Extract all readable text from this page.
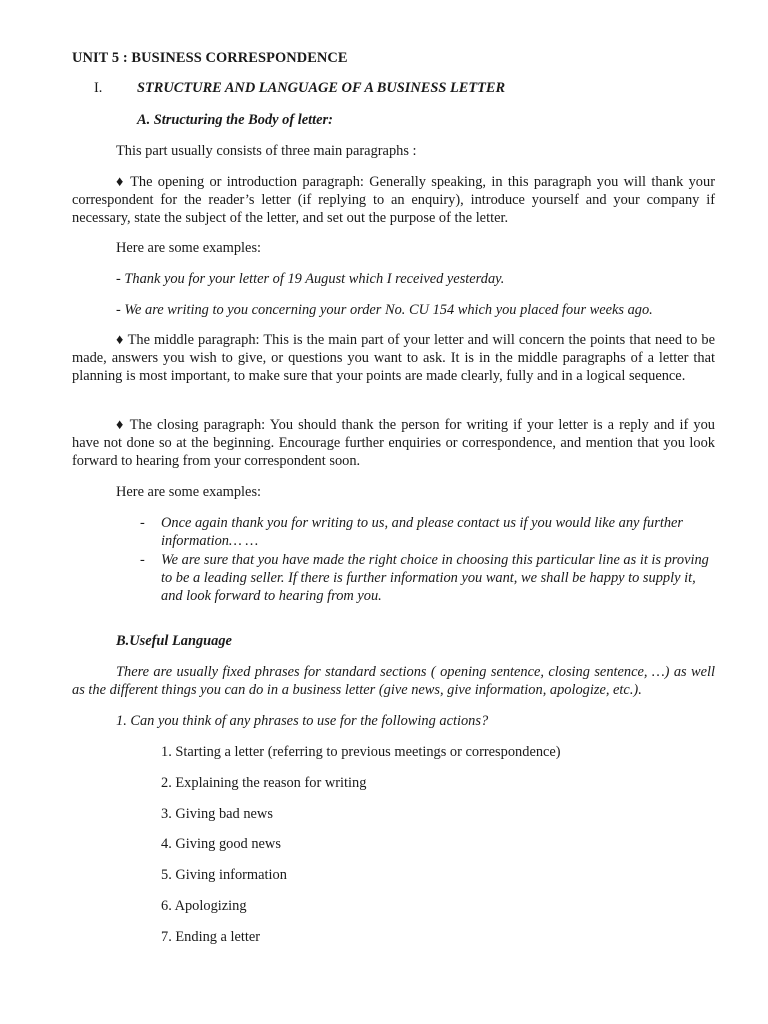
UNIT 5 : BUSINESS CORRESPONDENCE

I. STRUCTURE AND LANGUAGE OF A BUSINESS LETTER

A. Structuring the Body of letter:

This part usually consists of three main paragraphs :

♦ The opening or introduction paragraph: Generally speaking, in this paragraph you will thank your correspondent for the reader’s letter (if replying to an enquiry), introduce yourself and your company if necessary, state the subject of the letter, and set out the purpose of the letter.

Here are some examples:

- Thank you for your letter of 19 August which I received yesterday.

- We are writing to you concerning your order No. CU 154 which you placed four weeks ago.

♦ The middle paragraph: This is the main part of your letter and will concern the points that need to be made, answers you wish to give, or questions you want to ask. It is in the middle paragraphs of a letter that planning is most important, to make sure that your points are made clearly, fully and in a logical sequence.

♦ The closing paragraph: You should thank the person for writing if your letter is a reply and if you have not done so at the beginning. Encourage further enquiries or correspondence, and mention that you look forward to hearing from your correspondent soon.

Here are some examples:

- Once again thank you for writing to us, and please contact us if you would like any further information… …
- We are sure that you have made the right choice in choosing this particular line as it is proving to be a leading seller. If there is further information you want, we shall be happy to supply it, and look forward to hearing from you.

B.Useful Language

There are usually fixed phrases for standard sections ( opening sentence, closing sentence, …) as well as the different things you can do in a business letter (give news, give information, apologize, etc.).

1. Can you think of any phrases to use for the following actions?

1. Starting a letter (referring to previous meetings or correspondence)
2. Explaining the reason for writing
3. Giving bad news
4. Giving good news
5. Giving information
6. Apologizing
7. Ending a letter
